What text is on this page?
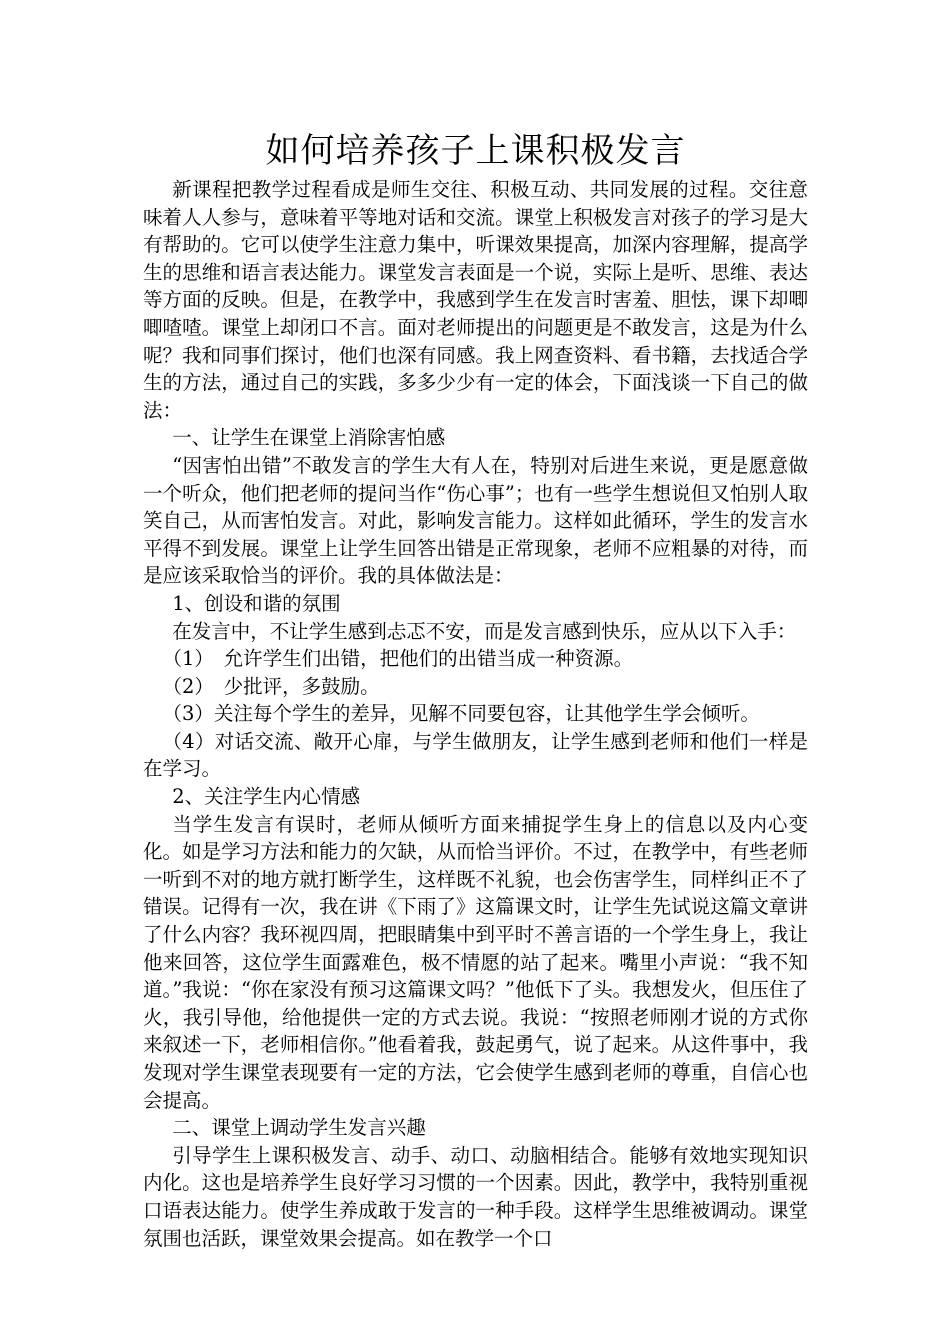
如何培养孩子上课积极发言

新课程把教学过程看成是师生交往、积极互动、共同发展的过程。交往意味着人人参与，意味着平等地对话和交流。课堂上积极发言对孩子的学习是大有帮助的。它可以使学生注意力集中，听课效果提高，加深内容理解，提高学生的思维和语言表达能力。课堂发言表面是一个说，实际上是听、思维、表达等方面的反映。但是，在教学中，我感到学生在发言时害羞、胆怯，课下却唧唧喳喳。课堂上却闭口不言。面对老师提出的问题更是不敢发言，这是为什么呢？我和同事们探讨，他们也深有同感。我上网查资料、看书籍，去找适合学生的方法，通过自己的实践，多多少少有一定的体会，下面浅谈一下自己的做法：

一、让学生在课堂上消除害怕感

“因害怕出错”不敢发言的学生大有人在，特别对后进生来说，更是愿意做一个听众，他们把老师的提问当作“伤心事”；也有一些学生想说但又怕别人取笑自己，从而害怕发言。对此，影响发言能力。这样如此循环，学生的发言水平得不到发展。课堂上让学生回答出错是正常现象，老师不应粗暴的对待，而是应该采取恰当的评价。我的具体做法是：

1、创设和谐的氛围

在发言中，不让学生感到忐忑不安，而是发言感到快乐，应从以下入手：

（1）　允许学生们出错，把他们的出错当成一种资源。

（2）　少批评，多鼓励。

（3）关注每个学生的差异，见解不同要包容，让其他学生学会倾听。

（4）对话交流、敞开心扉，与学生做朋友，让学生感到老师和他们一样是在学习。

2、关注学生内心情感

当学生发言有误时，老师从倾听方面来捕捉学生身上的信息以及内心变化。如是学习方法和能力的欠缺，从而恰当评价。不过，在教学中，有些老师一听到不对的地方就打断学生，这样既不礼貌，也会伤害学生，同样纠正不了错误。记得有一次，我在讲《下雨了》这篇课文时，让学生先试说这篇文章讲了什么内容？我环视四周，把眼睛集中到平时不善言语的一个学生身上，我让他来回答，这位学生面露难色，极不情愿的站了起来。嘴里小声说：“我不知道。”我说：“你在家没有预习这篇课文吗？”他低下了头。我想发火，但压住了火，我引导他，给他提供一定的方式去说。我说：“按照老师刚才说的方式你来叙述一下，老师相信你。”他看着我，鼓起勇气，说了起来。从这件事中，我发现对学生课堂表现要有一定的方法，它会使学生感到老师的尊重，自信心也会提高。

二、课堂上调动学生发言兴趣

引导学生上课积极发言、动手、动口、动脑相结合。能够有效地实现知识内化。这也是培养学生良好学习习惯的一个因素。因此，教学中，我特别重视口语表达能力。使学生养成敢于发言的一种手段。这样学生思维被调动。课堂氛围也活跃，课堂效果会提高。如在教学一个口
